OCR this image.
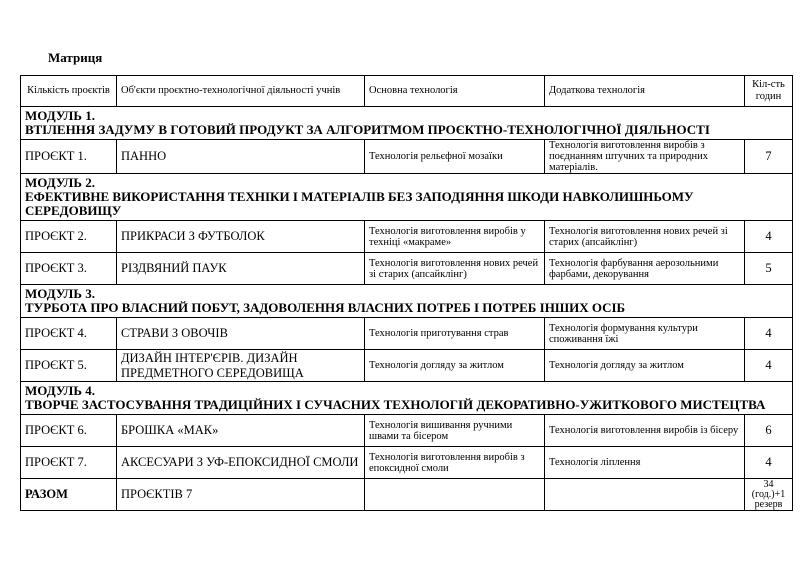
Матриця
Кількість проєктів	Об'єкти проєктно-технологічної діяльності учнів	Основна технологія	Додаткова технологія	Кіл-сть годин

МОДУЛЬ 1.
ВТІЛЕННЯ ЗАДУМУ В ГОТОВИЙ ПРОДУКТ ЗА АЛГОРИТМОМ ПРОЄКТНО-ТЕХНОЛОГІЧНОЇ ДІЯЛЬНОСТІ				

ПРОЄКТ 1.	ПАННО	Технологія рельєфної мозаїки	Технологія виготовлення виробів з поєднанням штучних та природних матеріалів.	7

МОДУЛЬ 2.
ЕФЕКТИВНЕ ВИКОРИСТАННЯ ТЕХНІКИ І МАТЕРІАЛІВ БЕЗ ЗАПОДІЯННЯ ШКОДИ НАВКОЛИШНЬОМУ СЕРЕДОВИЩУ				

ПРОЄКТ 2.	ПРИКРАСИ З ФУТБОЛОК	Технологія виготовлення виробів у техніці «макраме»	Технологія виготовлення нових речей зі старих (апсайклінг)	4
ПРОЄКТ 3.	РІЗДВЯНИЙ ПАУК	Технологія виготовлення нових речей зі старих (апсайклінг)	Технологія фарбування аерозольними фарбами, декорування	5

МОДУЛЬ 3.
ТУРБОТА ПРО ВЛАСНИЙ ПОБУТ, ЗАДОВОЛЕННЯ ВЛАСНИХ ПОТРЕБ І ПОТРЕБ ІНШИХ ОСІБ				

ПРОЄКТ 4.	СТРАВИ З ОВОЧІВ	Технологія приготування страв	Технологія формування культури споживання їжі	4
ПРОЄКТ 5.	ДИЗАЙН ІНТЕР'ЄРІВ. ДИЗАЙН ПРЕДМЕТНОГО СЕРЕДОВИЩА	Технологія догляду за житлом	Технологія догляду за житлом	4

МОДУЛЬ 4.
ТВОРЧЕ ЗАСТОСУВАННЯ ТРАДИЦІЙНИХ І СУЧАСНИХ ТЕХНОЛОГІЙ ДЕКОРАТИВНО-УЖИТКОВОГО МИСТЕЦТВА				

ПРОЄКТ 6.	БРОШКА «МАК»	Технологія вишивання ручними швами та бісером	Технологія виготовлення виробів із бісеру	6
ПРОЄКТ 7.	АКСЕСУАРИ З УФ-ЕПОКСИДНОЇ СМОЛИ	Технологія виготовлення виробів з епоксидної смоли	Технологія ліплення	4
РАЗОМ	ПРОЄКТІВ 7			34 (год.)+1 резерв
